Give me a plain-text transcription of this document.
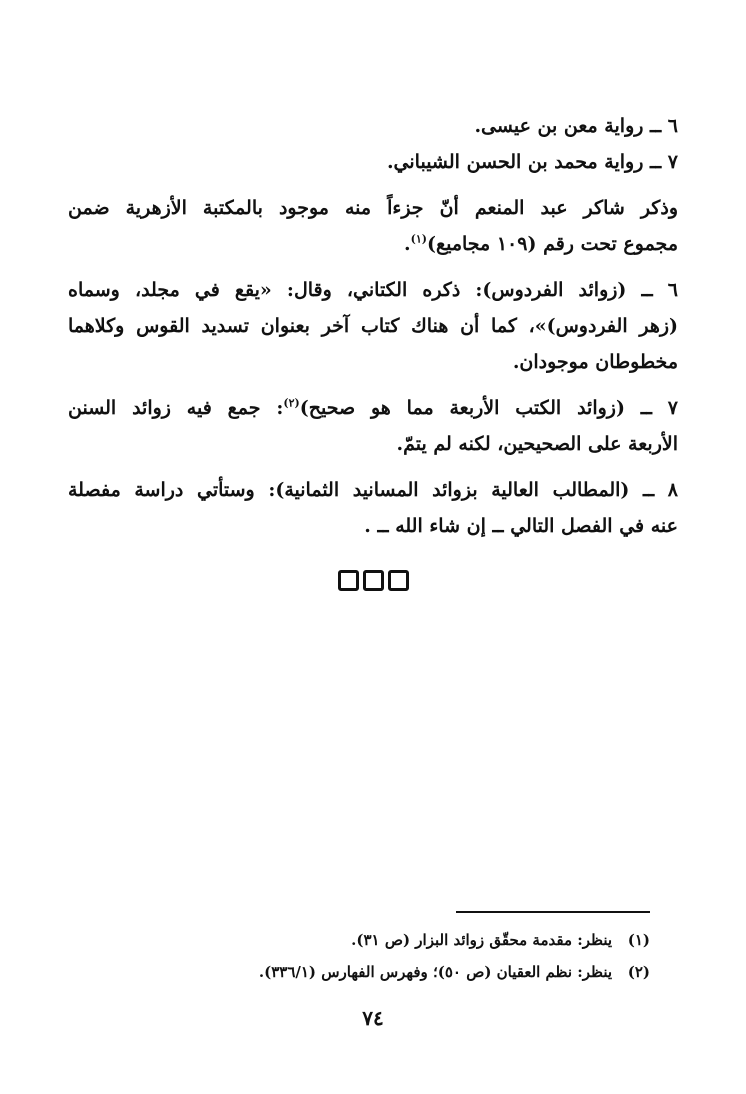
٦ ــ رواية معن بن عيسى.
٧ ــ رواية محمد بن الحسن الشيباني.
وذكر شاكر عبد المنعم أنّ جزءاً منه موجود بالمكتبة الأزهرية ضمن
مجموع تحت رقم (١٠٩ مجاميع)$^{(١)}$.
٦ ــ (زوائد الفردوس): ذكره الكتاني، وقال: «يقع في مجلد، وسماه
(زهر الفردوس)»، كما أن هناك كتاب آخر بعنوان تسديد القوس وكلاهما
مخطوطان موجودان.
٧ ــ (زوائد الكتب الأربعة مما هو صحيح)$^{(٢)}$: جمع فيه زوائد السنن
الأربعة على الصحيحين، لكنه لم يتمّ.
٨ ــ (المطالب العالية بزوائد المسانيد الثمانية): وستأتي دراسة مفصلة
عنه في الفصل التالي ــ إن شاء الله ــ .
(١)   ينظر: مقدمة محقّق زوائد البزار (ص ٣١).
(٢)   ينظر: نظم العقيان (ص ٥٠)؛ وفهرس الفهارس (٣٣٦/١).
٧٤
